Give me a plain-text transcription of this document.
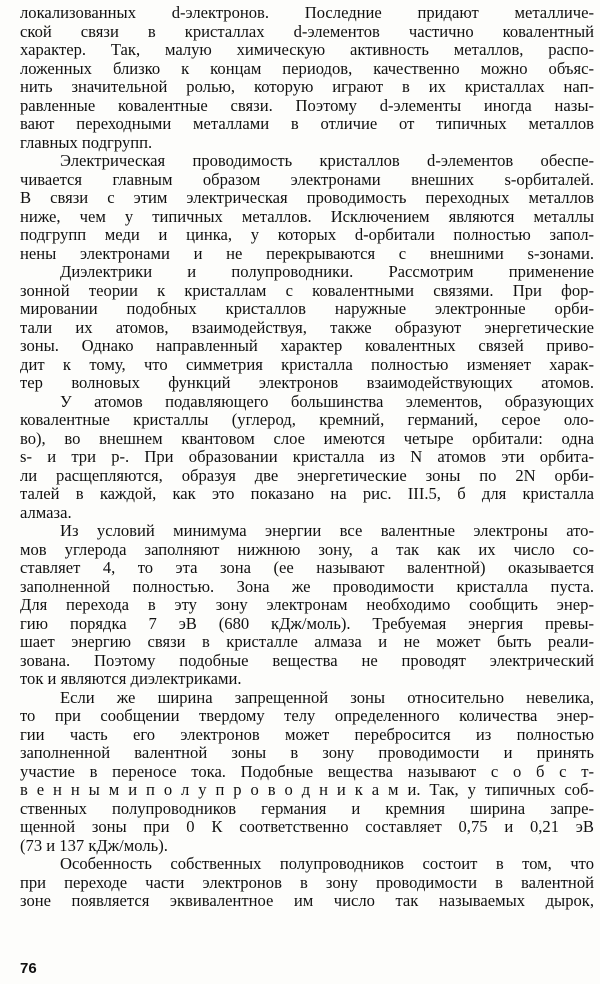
локализованных d-электронов. Последние придают металличе-
ской связи в кристаллах d-элементов частично ковалентный
характер. Так, малую химическую активность металлов, распо-
ложенных близко к концам периодов, качественно можно объяс-
нить значительной ролью, которую играют в их кристаллах нап-
равленные ковалентные связи. Поэтому d-элементы иногда назы-
вают переходными металлами в отличие от типичных металлов
главных подгрупп.
Электрическая проводимость кристаллов d-элементов обеспе-
чивается главным образом электронами внешних s-орбиталей.
В связи с этим электрическая проводимость переходных металлов
ниже, чем у типичных металлов. Исключением являются металлы
подгрупп меди и цинка, у которых d-орбитали полностью запол-
нены электронами и не перекрываются с внешними s-зонами.
Диэлектрики и полупроводники. Рассмотрим применение
зонной теории к кристаллам с ковалентными связями. При фор-
мировании подобных кристаллов наружные электронные орби-
тали их атомов, взаимодействуя, также образуют энергетические
зоны. Однако направленный характер ковалентных связей приво-
дит к тому, что симметрия кристалла полностью изменяет харак-
тер волновых функций электронов взаимодействующих атомов.
У атомов подавляющего большинства элементов, образующих
ковалентные кристаллы (углерод, кремний, германий, серое оло-
во), во внешнем квантовом слое имеются четыре орбитали: одна
s- и три p-. При образовании кристалла из N атомов эти орбита-
ли расщепляются, образуя две энергетические зоны по 2N орби-
талей в каждой, как это показано на рис. III.5, б для кристалла
алмаза.
Из условий минимума энергии все валентные электроны ато-
мов углерода заполняют нижнюю зону, а так как их число со-
ставляет 4, то эта зона (ее называют валентной) оказывается
заполненной полностью. Зона же проводимости кристалла пуста.
Для перехода в эту зону электронам необходимо сообщить энер-
гию порядка 7 эВ (680 кДж/моль). Требуемая энергия превы-
шает энергию связи в кристалле алмаза и не может быть реали-
зована. Поэтому подобные вещества не проводят электрический
ток и являются диэлектриками.
Если же ширина запрещенной зоны относительно невелика,
то при сообщении твердому телу определенного количества энер-
гии часть его электронов может перебросится из полностью
заполненной валентной зоны в зону проводимости и принять
участие в переносе тока. Подобные вещества называют с о б с т-
в е н н ы м и п о л у п р о в о д н и к а м и. Так, у типичных соб-
ственных полупроводников германия и кремния ширина запре-
щенной зоны при 0 К соответственно составляет 0,75 и 0,21 эВ
(73 и 137 кДж/моль).
Особенность собственных полупроводников состоит в том, что
при переходе части электронов в зону проводимости в валентной
зоне появляется эквивалентное им число так называемых дырок,
76
